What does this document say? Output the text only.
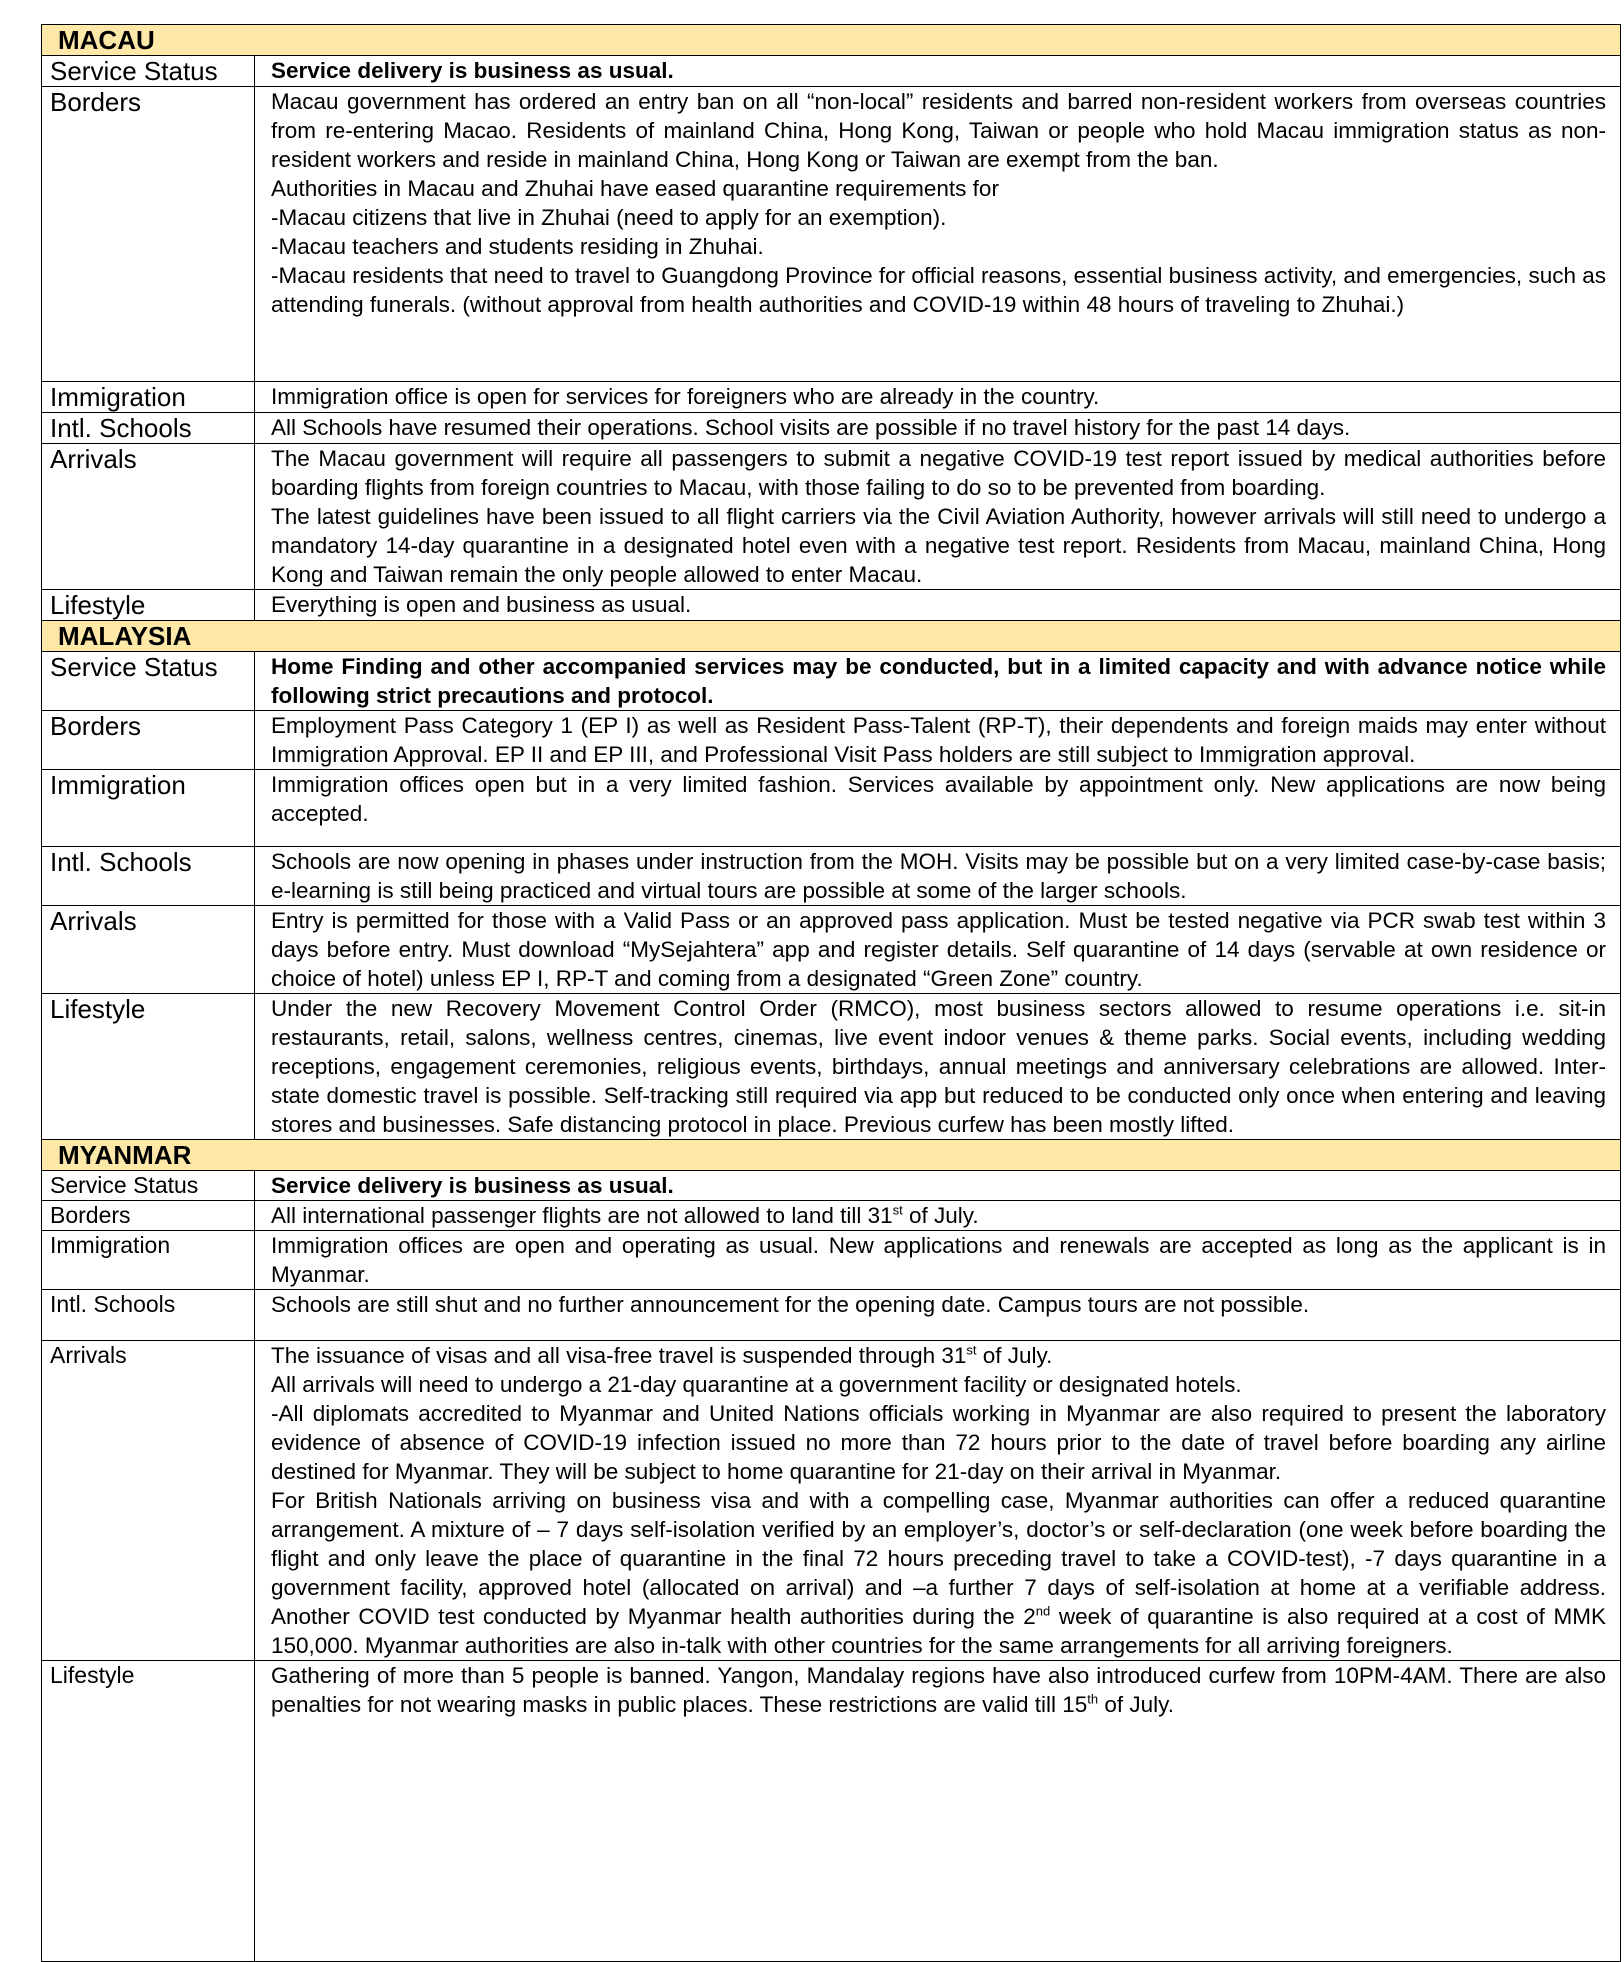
MACAU	
Service Status	Service delivery is business as usual.

Borders	Macau government has ordered an entry ban on all “non-local” residents and barred non-resident workers from overseas countries from re-entering Macao. Residents of mainland China, Hong Kong, Taiwan or people who hold Macau immigration status as non-resident workers and reside in mainland China, Hong Kong or Taiwan are exempt from the ban.

Authorities in Macau and Zhuhai have eased quarantine requirements for

-Macau citizens that live in Zhuhai (need to apply for an exemption).

-Macau teachers and students residing in Zhuhai.

-Macau residents that need to travel to Guangdong Province for official reasons, essential business activity, and emergencies, such as attending funerals. (without approval from health authorities and COVID-19 within 48 hours of traveling to Zhuhai.)

Immigration	Immigration office is open for services for foreigners who are already in the country.

Intl. Schools	All Schools have resumed their operations. School visits are possible if no travel history for the past 14 days.

Arrivals	The Macau government will require all passengers to submit a negative COVID-19 test report issued by medical authorities before boarding flights from foreign countries to Macau, with those failing to do so to be prevented from boarding.

The latest guidelines have been issued to all flight carriers via the Civil Aviation Authority, however arrivals will still need to undergo a mandatory 14-day quarantine in a designated hotel even with a negative test report. Residents from Macau, mainland China, Hong Kong and Taiwan remain the only people allowed to enter Macau.

Lifestyle	Everything is open and business as usual.

MALAYSIA	
Service Status	Home Finding and other accompanied services may be conducted, but in a limited capacity and with advance notice while following strict precautions and protocol.

Borders	Employment Pass Category 1 (EP I) as well as Resident Pass-Talent (RP-T), their dependents and foreign maids may enter without Immigration Approval. EP II and EP III, and Professional Visit Pass holders are still subject to Immigration approval.

Immigration	Immigration offices open but in a very limited fashion. Services available by appointment only. New applications are now being accepted.

Intl. Schools	Schools are now opening in phases under instruction from the MOH. Visits may be possible but on a very limited case-by-case basis; e-learning is still being practiced and virtual tours are possible at some of the larger schools.

Arrivals	Entry is permitted for those with a Valid Pass or an approved pass application. Must be tested negative via PCR swab test within 3 days before entry. Must download “MySejahtera” app and register details. Self quarantine of 14 days (servable at own residence or choice of hotel) unless EP I, RP-T and coming from a designated “Green Zone” country.

Lifestyle	Under the new Recovery Movement Control Order (RMCO), most business sectors allowed to resume operations i.e. sit-in restaurants, retail, salons, wellness centres, cinemas, live event indoor venues & theme parks. Social events, including wedding receptions, engagement ceremonies, religious events, birthdays, annual meetings and anniversary celebrations are allowed. Inter-state domestic travel is possible. Self-tracking still required via app but reduced to be conducted only once when entering and leaving stores and businesses. Safe distancing protocol in place. Previous curfew has been mostly lifted.

MYANMAR	
Service Status	Service delivery is business as usual.

Borders	All international passenger flights are not allowed to land till 31st of July.

Immigration	Immigration offices are open and operating as usual. New applications and renewals are accepted as long as the applicant is in Myanmar.

Intl. Schools	Schools are still shut and no further announcement for the opening date. Campus tours are not possible.

Arrivals	The issuance of visas and all visa-free travel is suspended through 31st of July.

All arrivals will need to undergo a 21-day quarantine at a government facility or designated hotels.

-All diplomats accredited to Myanmar and United Nations officials working in Myanmar are also required to present the laboratory evidence of absence of COVID-19 infection issued no more than 72 hours prior to the date of travel before boarding any airline destined for Myanmar. They will be subject to home quarantine for 21-day on their arrival in Myanmar.

For British Nationals arriving on business visa and with a compelling case, Myanmar authorities can offer a reduced quarantine arrangement. A mixture of – 7 days self-isolation verified by an employer’s, doctor’s or self-declaration (one week before boarding the flight and only leave the place of quarantine in the final 72 hours preceding travel to take a COVID-test), -7 days quarantine in a government facility, approved hotel (allocated on arrival) and –a further 7 days of self-isolation at home at a verifiable address. Another COVID test conducted by Myanmar health authorities during the 2nd week of quarantine is also required at a cost of MMK 150,000. Myanmar authorities are also in-talk with other countries for the same arrangements for all arriving foreigners.

Lifestyle	Gathering of more than 5 people is banned. Yangon, Mandalay regions have also introduced curfew from 10PM-4AM. There are also penalties for not wearing masks in public places. These restrictions are valid till 15th of July.
